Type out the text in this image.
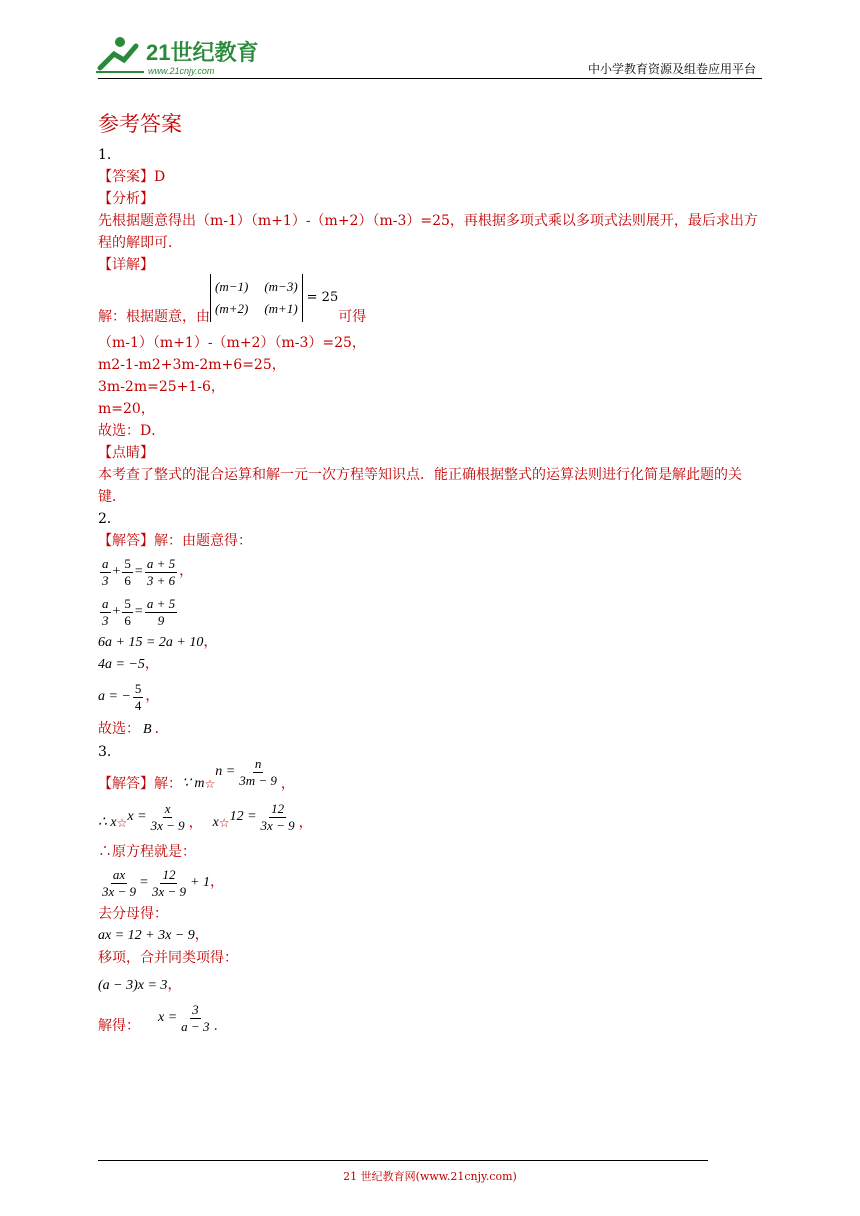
21世纪教育
www.21cnjy.com	中小学教育资源及组卷应用平台
参考答案

1．

【答案】D

【分析】

先根据题意得出（m-1）（m+1）-（m+2）（m-3）=25，再根据多项式乘以多项式法则展开，最后求出方程的解即可．

【详解】

解：根据题意，由
(m−1) (m−3)
(m+2) (m+1)
= 25
可得

（m-1）（m+1）-（m+2）（m-3）=25，

m2-1-m2+3m-2m+6=25，

3m-2m=25+1-6，

m=20，

故选：D．

【点睛】

本考查了整式的混合运算和解一元一次方程等知识点．能正确根据整式的运算法则进行化简是解此题的关键．

2．

【解答】解：由题意得：

$\frac{a}{3} + \frac{5}{6} = \frac{a + 5}{3 + 6}$ ，
$\frac{a}{3} + \frac{5}{6} = \frac{a + 5}{9}$
6a + 15 = 2a + 10 ，
4a = −5 ，
a = − $\frac{5}{4}$ ，
故选： B ．

3．

【解答】解： ∵ m ☆
$n = \frac{n}{3m - 9}$ ，
∴ x ☆ $x = \frac{x}{3x - 9}$ ， x ☆ $12 = \frac{12}{3x - 9}$ ，

∴原方程就是：

$\frac{ax}{3x - 9} = \frac{12}{3x - 9} + 1$ ，

去分母得：

ax = 12 + 3x − 9 ，

移项，合并同类项得：

(a − 3)x = 3 ，
解得：
$x = \frac{3}{a - 3}$ ．
21 世纪教育网(www.21cnjy.com)
